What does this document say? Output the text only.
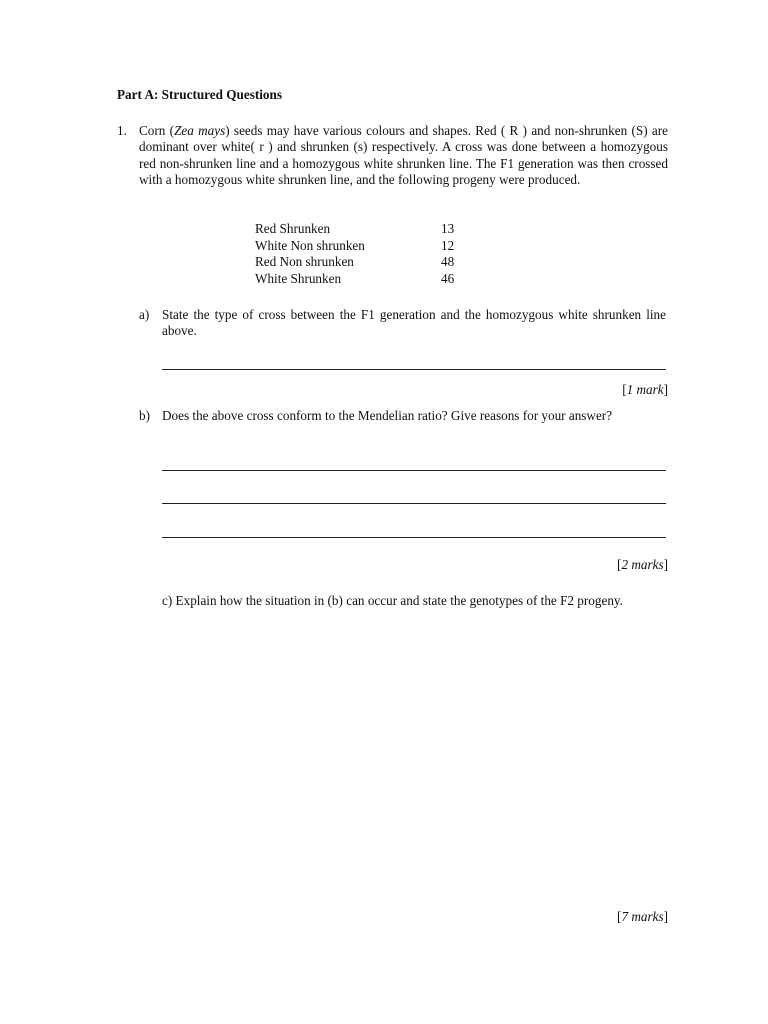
Part A: Structured Questions
1. Corn (Zea mays) seeds may have various colours and shapes. Red ( R ) and non-shrunken (S) are dominant over white( r ) and shrunken (s) respectively. A cross was done between a homozygous red non-shrunken line and a homozygous white shrunken line. The F1 generation was then crossed with a homozygous white shrunken line, and the following progeny were produced.
Red Shrunken	13
White Non shrunken	12
Red Non shrunken	48
White Shrunken	46
a) State the type of cross between the F1 generation and the homozygous white shrunken line above.
[1 mark]
b) Does the above cross conform to the Mendelian ratio? Give reasons for your answer?
[2 marks]
c) Explain how the situation in (b) can occur and state the genotypes of the F2 progeny.
[7 marks]
